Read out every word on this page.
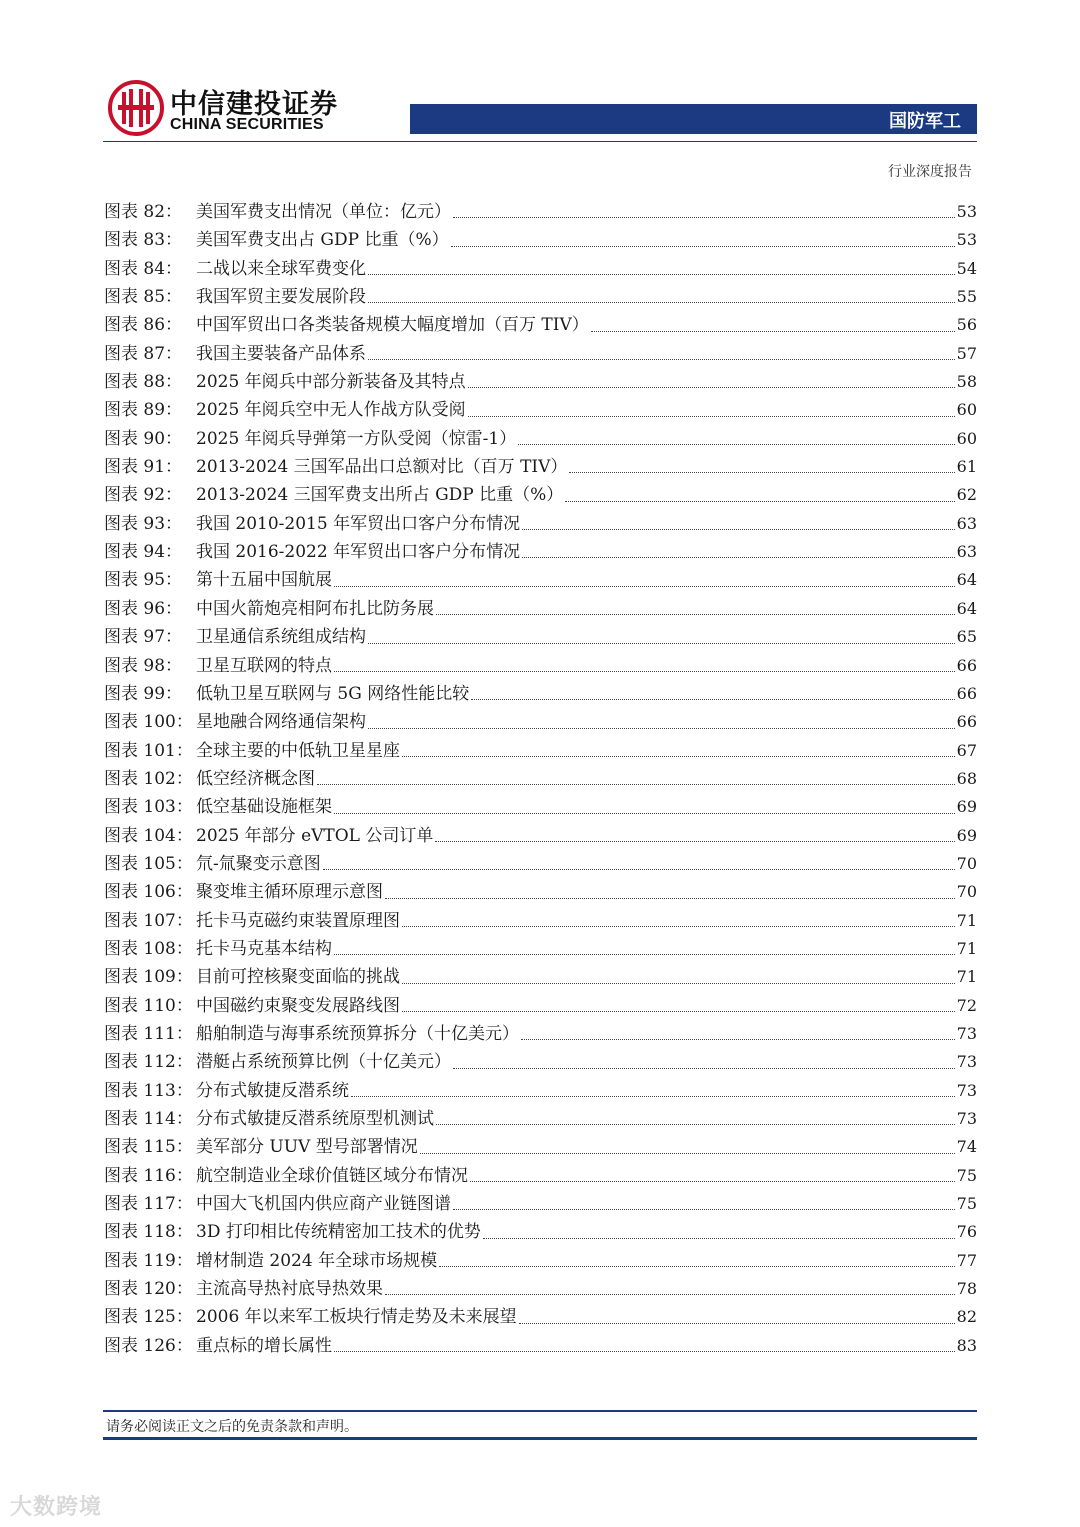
中信建投证券
CHINA SECURITIES	国防军工
行业深度报告
图表 82： 美国军费支出情况（单位：亿元）	53
图表 83： 美国军费支出占 GDP 比重（%）	53
图表 84： 二战以来全球军费变化	54
图表 85： 我国军贸主要发展阶段	55
图表 86： 中国军贸出口各类装备规模大幅度增加（百万 TIV）	56
图表 87： 我国主要装备产品体系	57
图表 88： 2025 年阅兵中部分新装备及其特点	58
图表 89： 2025 年阅兵空中无人作战方队受阅	60
图表 90： 2025 年阅兵导弹第一方队受阅（惊雷-1）	60
图表 91： 2013-2024 三国军品出口总额对比（百万 TIV）	61
图表 92： 2013-2024 三国军费支出所占 GDP 比重（%）	62
图表 93： 我国 2010-2015 年军贸出口客户分布情况	63
图表 94： 我国 2016-2022 年军贸出口客户分布情况	63
图表 95： 第十五届中国航展	64
图表 96： 中国火箭炮亮相阿布扎比防务展	64
图表 97： 卫星通信系统组成结构	65
图表 98： 卫星互联网的特点	66
图表 99： 低轨卫星互联网与 5G 网络性能比较	66
图表 100： 星地融合网络通信架构	66
图表 101： 全球主要的中低轨卫星星座	67
图表 102： 低空经济概念图	68
图表 103： 低空基础设施框架	69
图表 104： 2025 年部分 eVTOL 公司订单	69
图表 105： 氘-氚聚变示意图	70
图表 106： 聚变堆主循环原理示意图	70
图表 107： 托卡马克磁约束装置原理图	71
图表 108： 托卡马克基本结构	71
图表 109： 目前可控核聚变面临的挑战	71
图表 110： 中国磁约束聚变发展路线图	72
图表 111： 船舶制造与海事系统预算拆分（十亿美元）	73
图表 112： 潜艇占系统预算比例（十亿美元）	73
图表 113： 分布式敏捷反潜系统	73
图表 114： 分布式敏捷反潜系统原型机测试	73
图表 115： 美军部分 UUV 型号部署情况	74
图表 116： 航空制造业全球价值链区域分布情况	75
图表 117： 中国大飞机国内供应商产业链图谱	75
图表 118： 3D 打印相比传统精密加工技术的优势	76
图表 119： 增材制造 2024 年全球市场规模	77
图表 120： 主流高导热衬底导热效果	78
图表 125： 2006 年以来军工板块行情走势及未来展望	82
图表 126： 重点标的增长属性	83
请务必阅读正文之后的免责条款和声明。
大数跨境
